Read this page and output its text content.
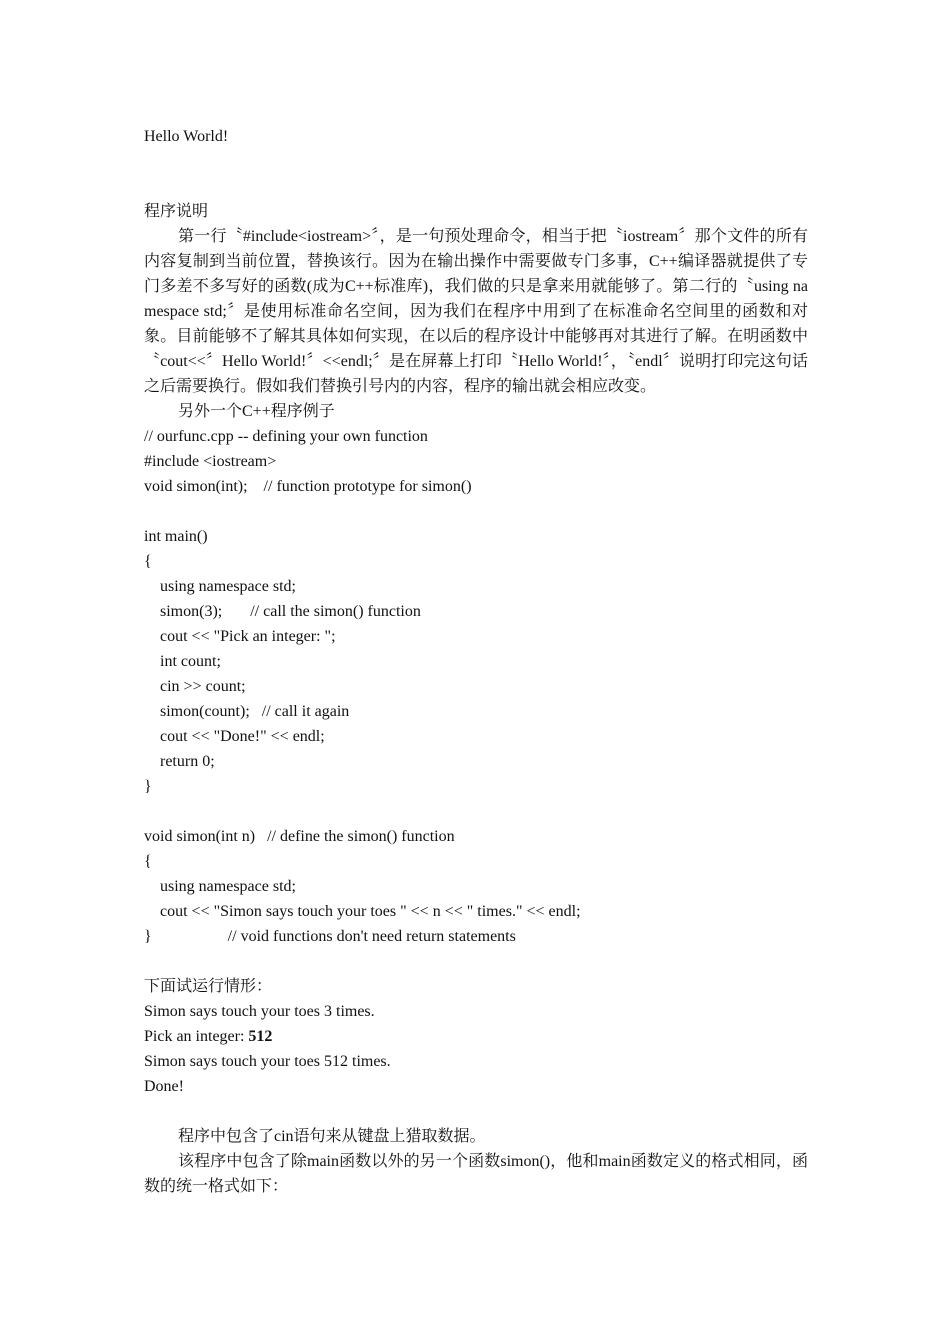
Hello World!
程序说明
第一行〝#include<iostream>〞，是一句预处理命令，相当于把〝iostream〞那个文件的所有内容复制到当前位置，替换该行。因为在输出操作中需要做专门多事，C++编译器就提供了专门多差不多写好的函数(成为C++标准库)，我们做的只是拿来用就能够了。第二行的〝using namespace std;〞是使用标准命名空间，因为我们在程序中用到了在标准命名空间里的函数和对象。目前能够不了解其具体如何实现，在以后的程序设计中能够再对其进行了解。在明函数中〝cout<<〞Hello World!〞<<endl;〞是在屏幕上打印〝Hello World!〞，〝endl〞说明打印完这句话之后需要换行。假如我们替换引号内的内容，程序的输出就会相应改变。
另外一个C++程序例子
// ourfunc.cpp -- defining your own function
#include <iostream>
void simon(int);    // function prototype for simon()
int main()
{
using namespace std;
simon(3);       // call the simon() function
cout << "Pick an integer: ";
int count;
cin >> count;
simon(count);   // call it again
cout << "Done!" << endl;
return 0;
}
void simon(int n)   // define the simon() function
{
using namespace std;
cout << "Simon says touch your toes " << n << " times." << endl;
}                   // void functions don't need return statements
下面试运行情形：
Simon says touch your toes 3 times.
Pick an integer: 512
Simon says touch your toes 512 times.
Done!
程序中包含了cin语句来从键盘上猎取数据。
该程序中包含了除main函数以外的另一个函数simon()，他和main函数定义的格式相同，函数的统一格式如下：
